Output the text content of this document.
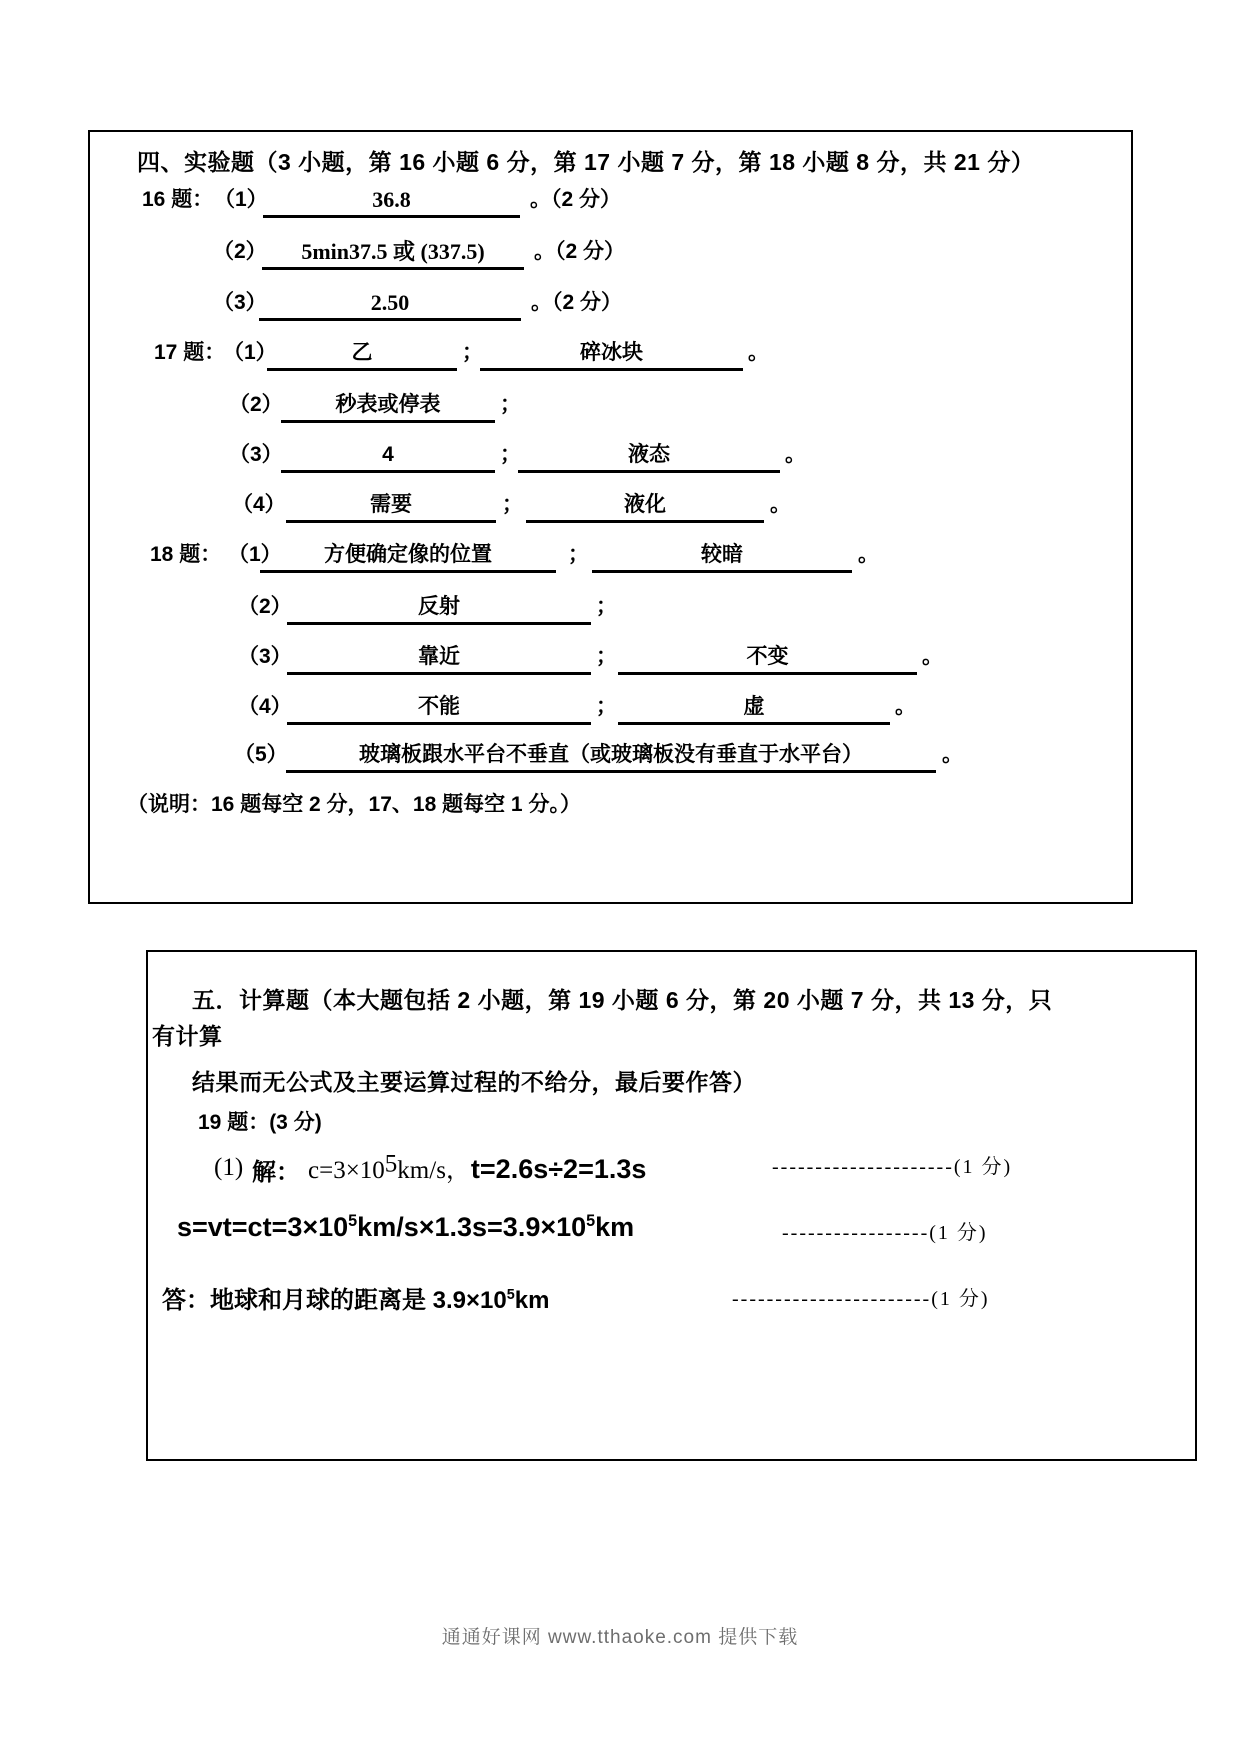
四、实验题（3 小题，第 16 小题 6 分，第 17 小题 7 分，第 18 小题 8 分，共 21 分）
16 题： （1）	36.8	。（2 分）
（2）	5min37.5 或 (337.5)	。（2 分）
（3）	2.50	。（2 分）
17 题：
（1）	乙	；	碎冰块	。
（2）	秒表或停表	；
（3）	4	；	液态	。
（4）	需要	；	液化	。
18 题： （1）	方便确定像的位置	；	较暗	。
（2）	反射	；
（3）	靠近	；	不变	。
（4）	不能	；	虚	。
（5）	玻璃板跟水平台不垂直（或玻璃板没有垂直于水平台）	。
（说明：16 题每空 2 分，17、18 题每空 1 分。）
五．计算题（本大题包括 2 小题，第 19 小题 6 分，第 20 小题 7 分，共 13 分，只
有计算
结果而无公式及主要运算过程的不给分，最后要作答）
19 题：(3 分)
(1) 解： $c=3\times 10^5km/s$，t=2.6s÷2=1.3s	---------------------(1 分)
$s=vt=ct=3\times 10^5km/s\times 1.3s=3.9\times 10^5km$	-----------------(1 分)
答：地球和月球的距离是 $3.9\times 10^5km$	-----------------------(1 分)
通通好课网 www.tthaoke.com 提供下载
